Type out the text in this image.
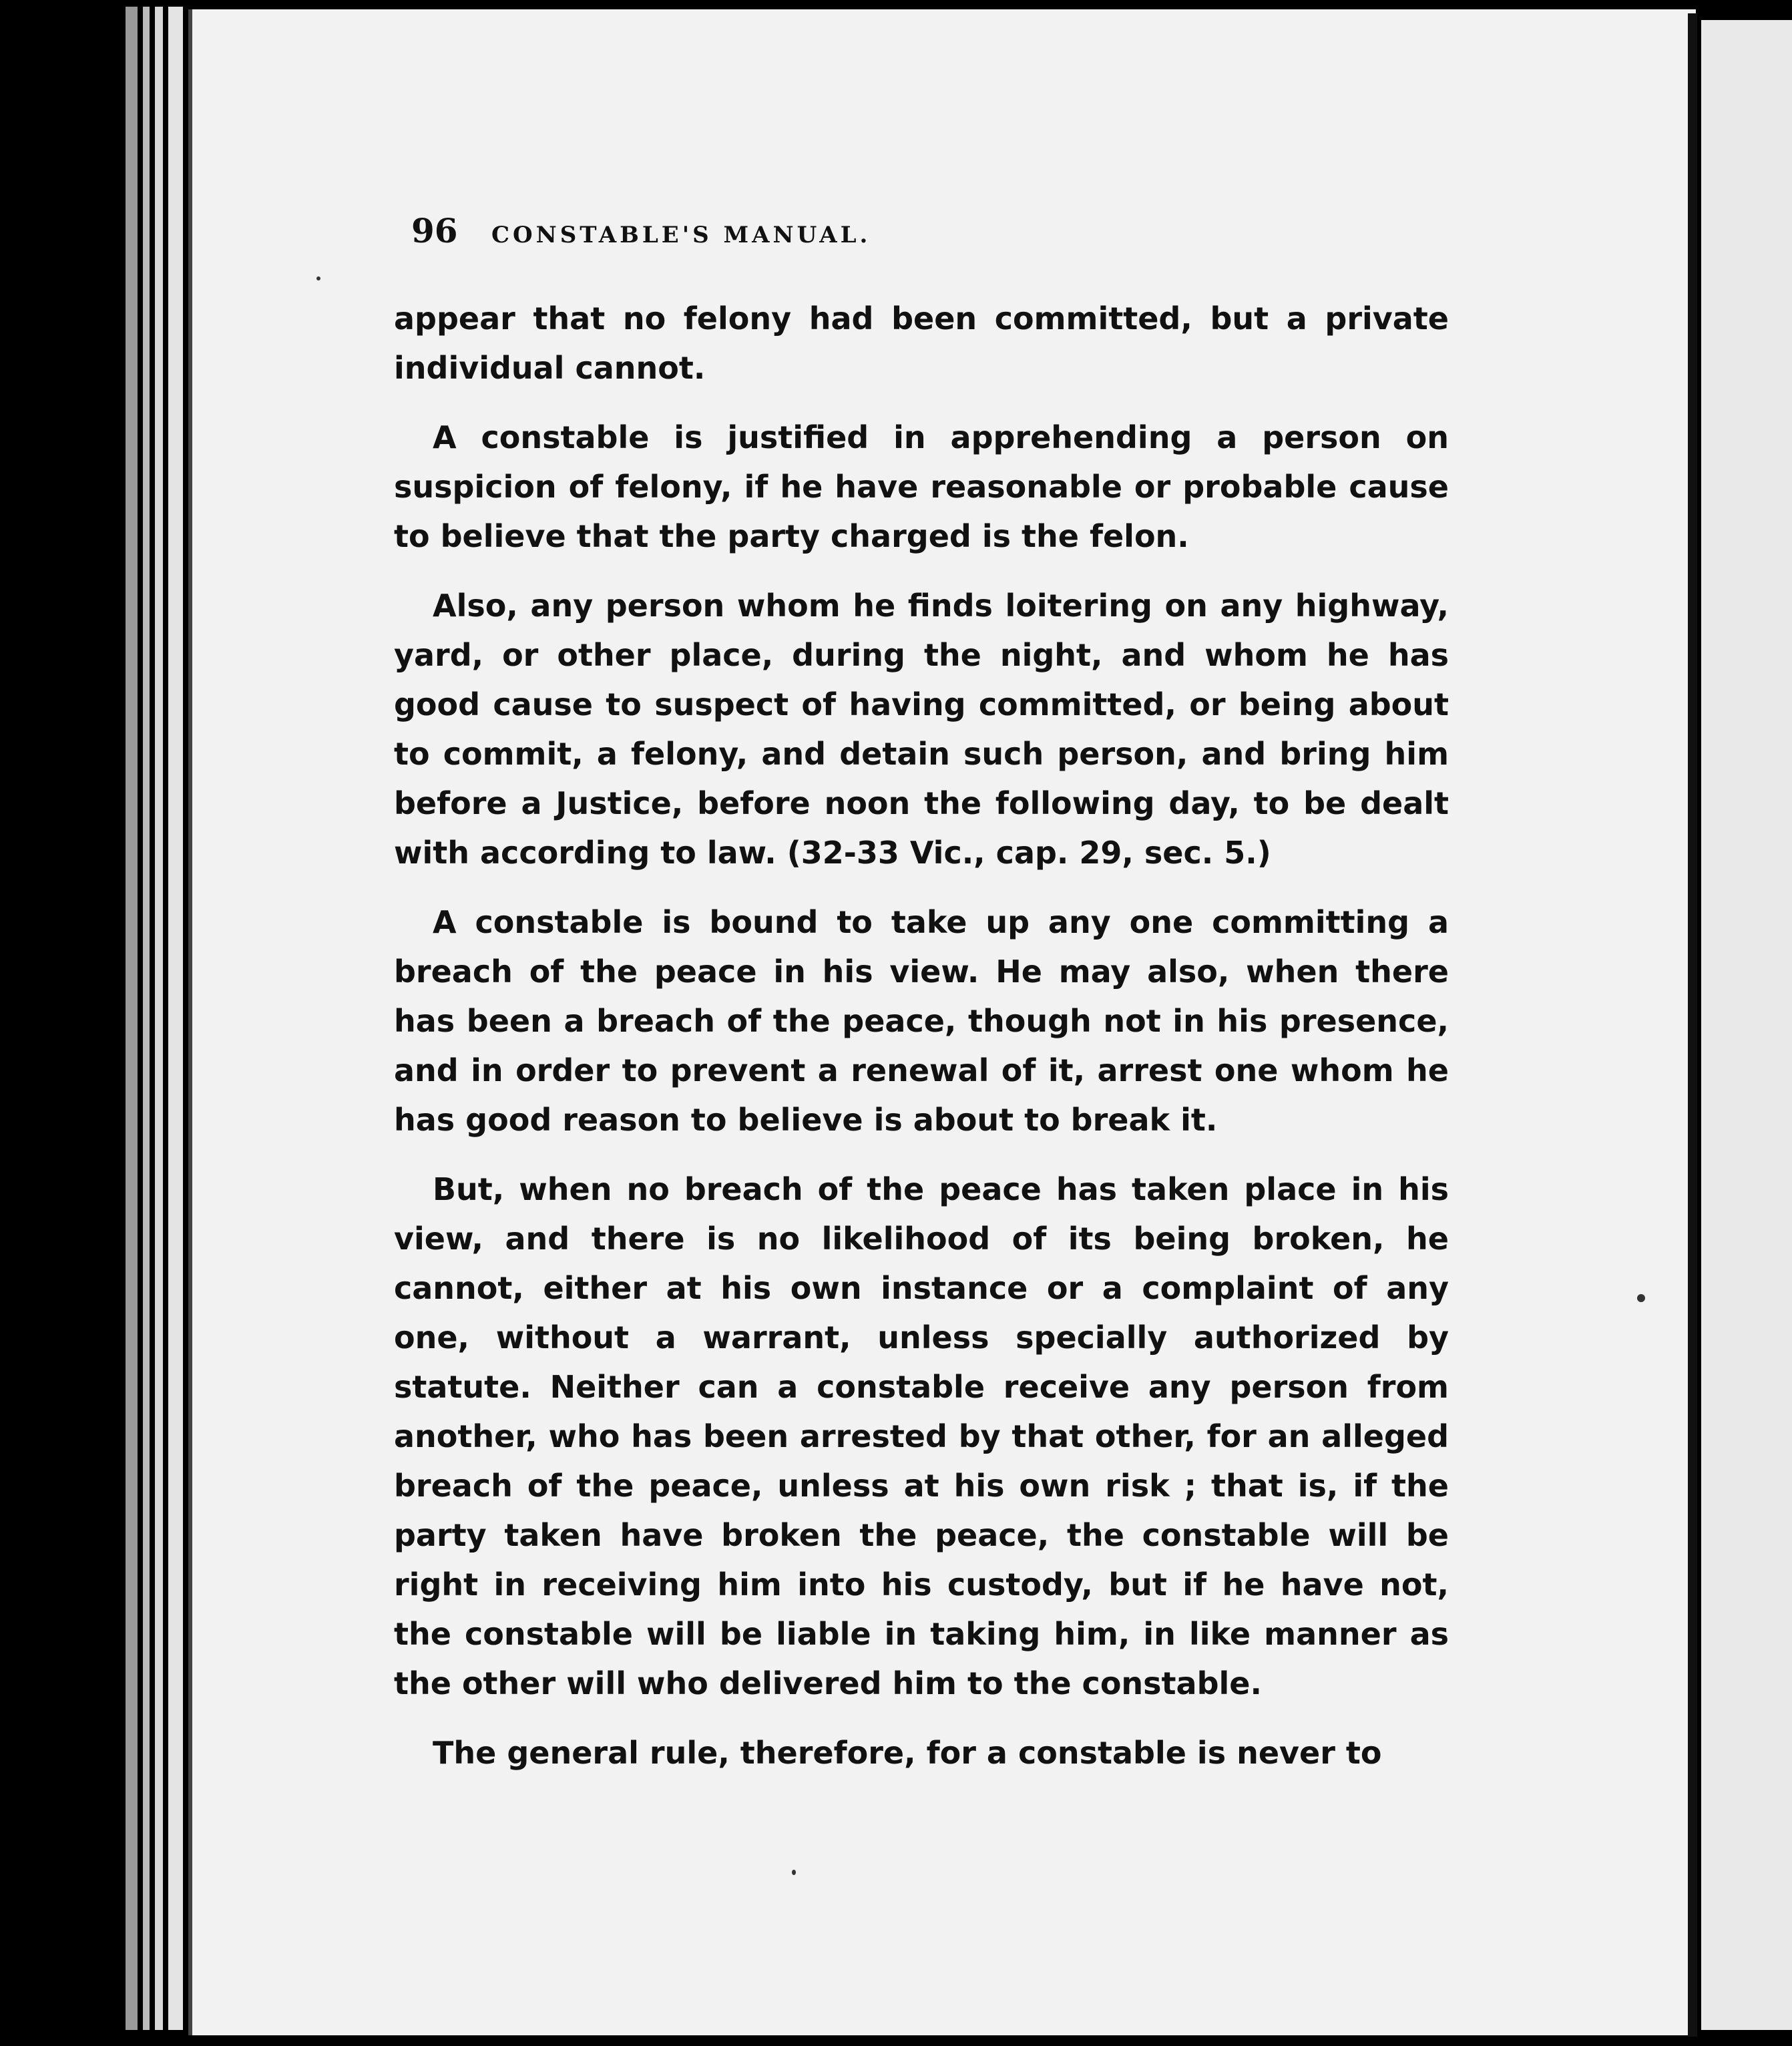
96	CONSTABLE'S MANUAL.

appear that no felony had been committed, but a private individual cannot.

A constable is justified in apprehending a person on suspicion of felony, if he have reasonable or probable cause to believe that the party charged is the felon.

Also, any person whom he finds loitering on any highway, yard, or other place, during the night, and whom he has good cause to suspect of having committed, or being about to commit, a felony, and detain such person, and bring him before a Justice, before noon the following day, to be dealt with according to law. (32-33 Vic., cap. 29, sec. 5.)

A constable is bound to take up any one committing a breach of the peace in his view. He may also, when there has been a breach of the peace, though not in his presence, and in order to prevent a renewal of it, arrest one whom he has good reason to believe is about to break it.

But, when no breach of the peace has taken place in his view, and there is no likelihood of its being broken, he cannot, either at his own instance or a complaint of any one, without a warrant, unless specially authorized by statute. Neither can a constable receive any person from another, who has been arrested by that other, for an alleged breach of the peace, unless at his own risk ; that is, if the party taken have broken the peace, the constable will be right in receiving him into his custody, but if he have not, the constable will be liable in taking him, in like manner as the other will who delivered him to the constable.

The general rule, therefore, for a constable is never to
